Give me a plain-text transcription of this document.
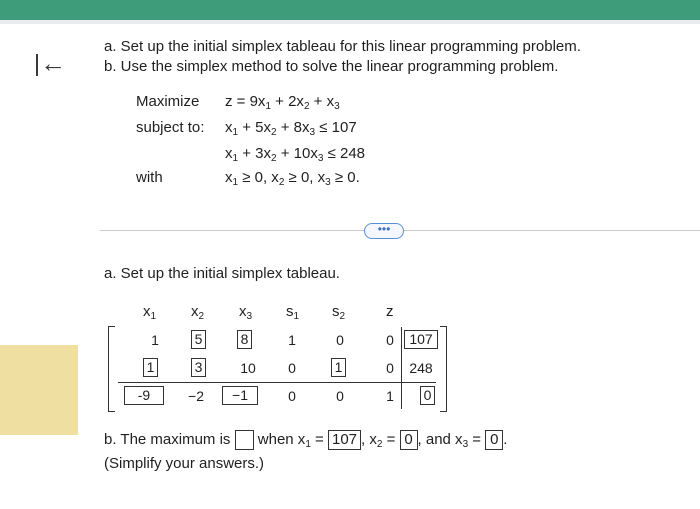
←
a. Set up the initial simplex tableau for this linear programming problem.
b. Use the simplex method to solve the linear programming problem.
Maximize $z = 9x_1 + 2x_2 + x_3$
subject to: $x_1 + 5x_2 + 8x_3 \le 107$
$x_1 + 3x_2 + 10x_3 \le 248$
with	$x_1 \ge 0$, $x_2 \ge 0$, $x_3 \ge 0$.
•••
a. Set up the initial simplex tableau.
$x_1$ $x_2$ $x_3$ $s_1$ $s_2$	z
1	5	8	1	0	0	107
1	3	10	0	1	0 248
-9	−2	−1	0	0	1 0
b. The maximum is when $x_1 = 107$ , $x_2 = 0$ , and $x_3 = 0$ .
(Simplify your answers.)
